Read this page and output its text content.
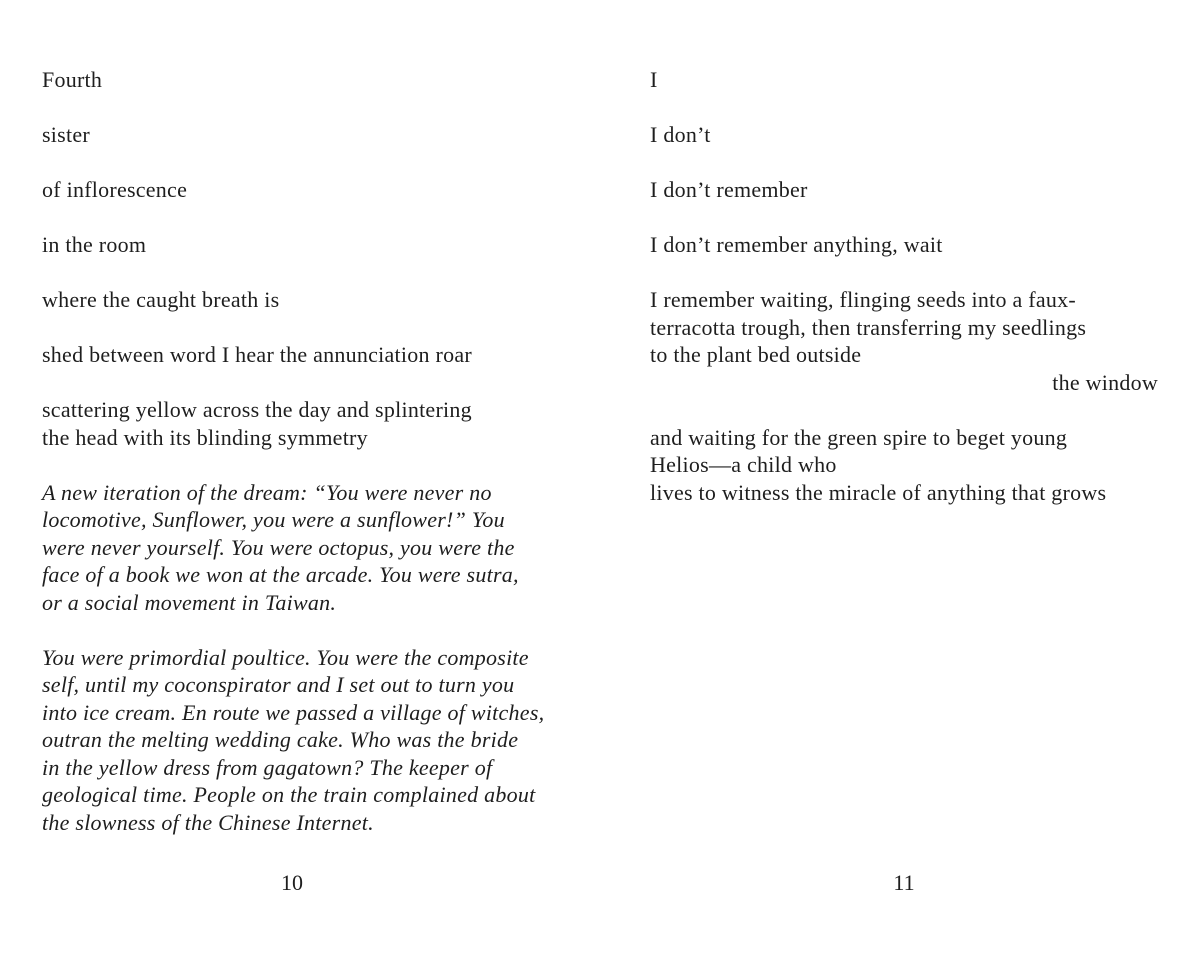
Fourth
sister
of inflorescence
in the room
where the caught breath is
shed between word I hear the annunciation roar
scattering yellow across the day and splintering
the head with its blinding symmetry
A new iteration of the dream: “You were never no
locomotive, Sunflower, you were a sunflower!” You
were never yourself. You were octopus, you were the
face of a book we won at the arcade. You were sutra,
or a social movement in Taiwan.
You were primordial poultice. You were the composite
self, until my coconspirator and I set out to turn you
into ice cream. En route we passed a village of witches,
outran the melting wedding cake. Who was the bride
in the yellow dress from gagatown? The keeper of
geological time. People on the train complained about
the slowness of the Chinese Internet.
I
I don’t
I don’t remember
I don’t remember anything, wait
I remember waiting, flinging seeds into a faux-
terracotta trough, then transferring my seedlings
to the plant bed outside
the window
and waiting for the green spire to beget young
Helios—a child who
lives to witness the miracle of anything that grows
10	11
